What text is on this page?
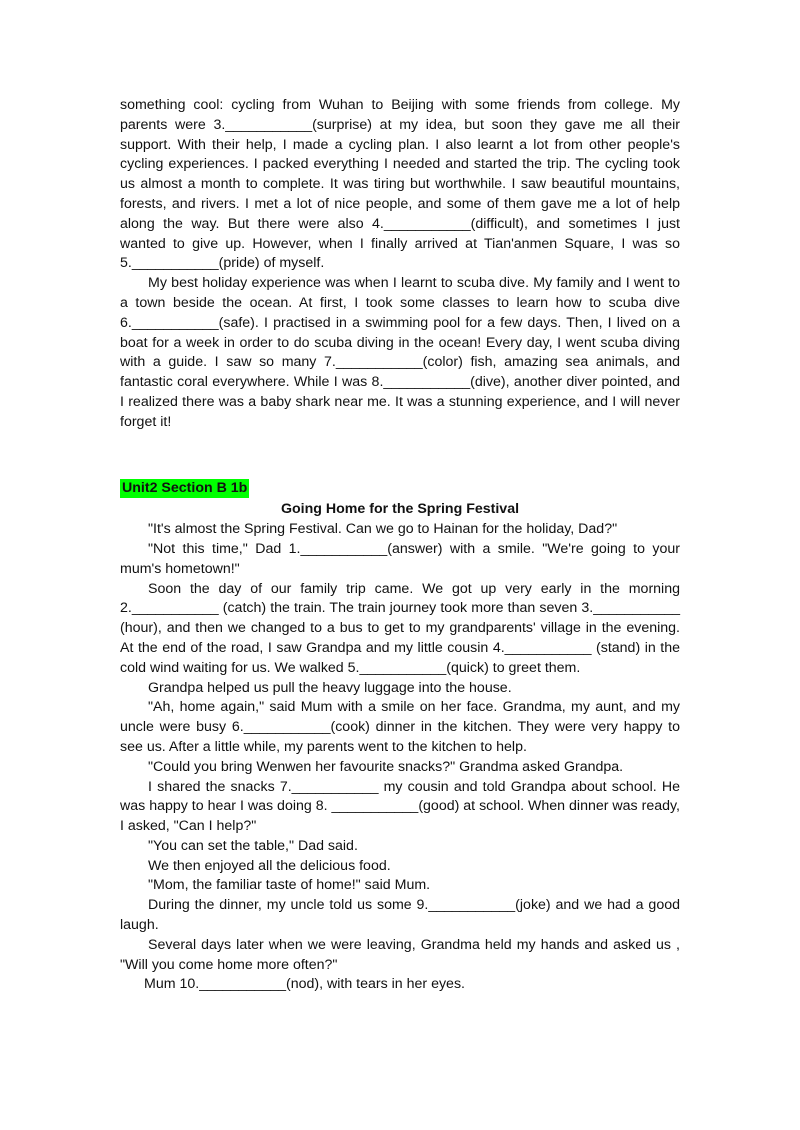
something cool: cycling from Wuhan to Beijing with some friends from college. My parents were 3.___________(surprise) at my idea, but soon they gave me all their support. With their help, I made a cycling plan. I also learnt a lot from other people's cycling experiences. I packed everything I needed and started the trip. The cycling took us almost a month to complete. It was tiring but worthwhile. I saw beautiful mountains, forests, and rivers. I met a lot of nice people, and some of them gave me a lot of help along the way. But there were also 4.___________(difficult), and sometimes I just wanted to give up. However, when I finally arrived at Tian'anmen Square, I was so 5.___________(pride) of myself.

My best holiday experience was when I learnt to scuba dive. My family and I went to a town beside the ocean. At first, I took some classes to learn how to scuba dive 6.___________(safe). I practised in a swimming pool for a few days. Then, I lived on a boat for a week in order to do scuba diving in the ocean! Every day, I went scuba diving with a guide. I saw so many 7.___________(color) fish, amazing sea animals, and fantastic coral everywhere. While I was 8.___________(dive), another diver pointed, and I realized there was a baby shark near me. It was a stunning experience, and I will never forget it!

Unit2 Section B 1b

Going Home for the Spring Festival

"It's almost the Spring Festival. Can we go to Hainan for the holiday, Dad?"

"Not this time," Dad 1.___________(answer) with a smile. "We're going to your mum's hometown!"

Soon the day of our family trip came. We got up very early in the morning 2.___________ (catch) the train. The train journey took more than seven 3.___________ (hour), and then we changed to a bus to get to my grandparents' village in the evening. At the end of the road, I saw Grandpa and my little cousin 4.___________ (stand) in the cold wind waiting for us. We walked 5.___________(quick) to greet them.

Grandpa helped us pull the heavy luggage into the house.

"Ah, home again," said Mum with a smile on her face. Grandma, my aunt, and my uncle were busy 6.___________(cook) dinner in the kitchen. They were very happy to see us. After a little while, my parents went to the kitchen to help.

"Could you bring Wenwen her favourite snacks?" Grandma asked Grandpa.

I shared the snacks 7.___________ my cousin and told Grandpa about school. He was happy to hear I was doing 8. ___________(good) at school. When dinner was ready, I asked, "Can I help?"

"You can set the table," Dad said.

We then enjoyed all the delicious food.

"Mom, the familiar taste of home!" said Mum.

During the dinner, my uncle told us some 9.___________(joke) and we had a good laugh.

Several days later when we were leaving, Grandma held my hands and asked us , "Will you come home more often?"

Mum 10.___________(nod), with tears in her eyes.
